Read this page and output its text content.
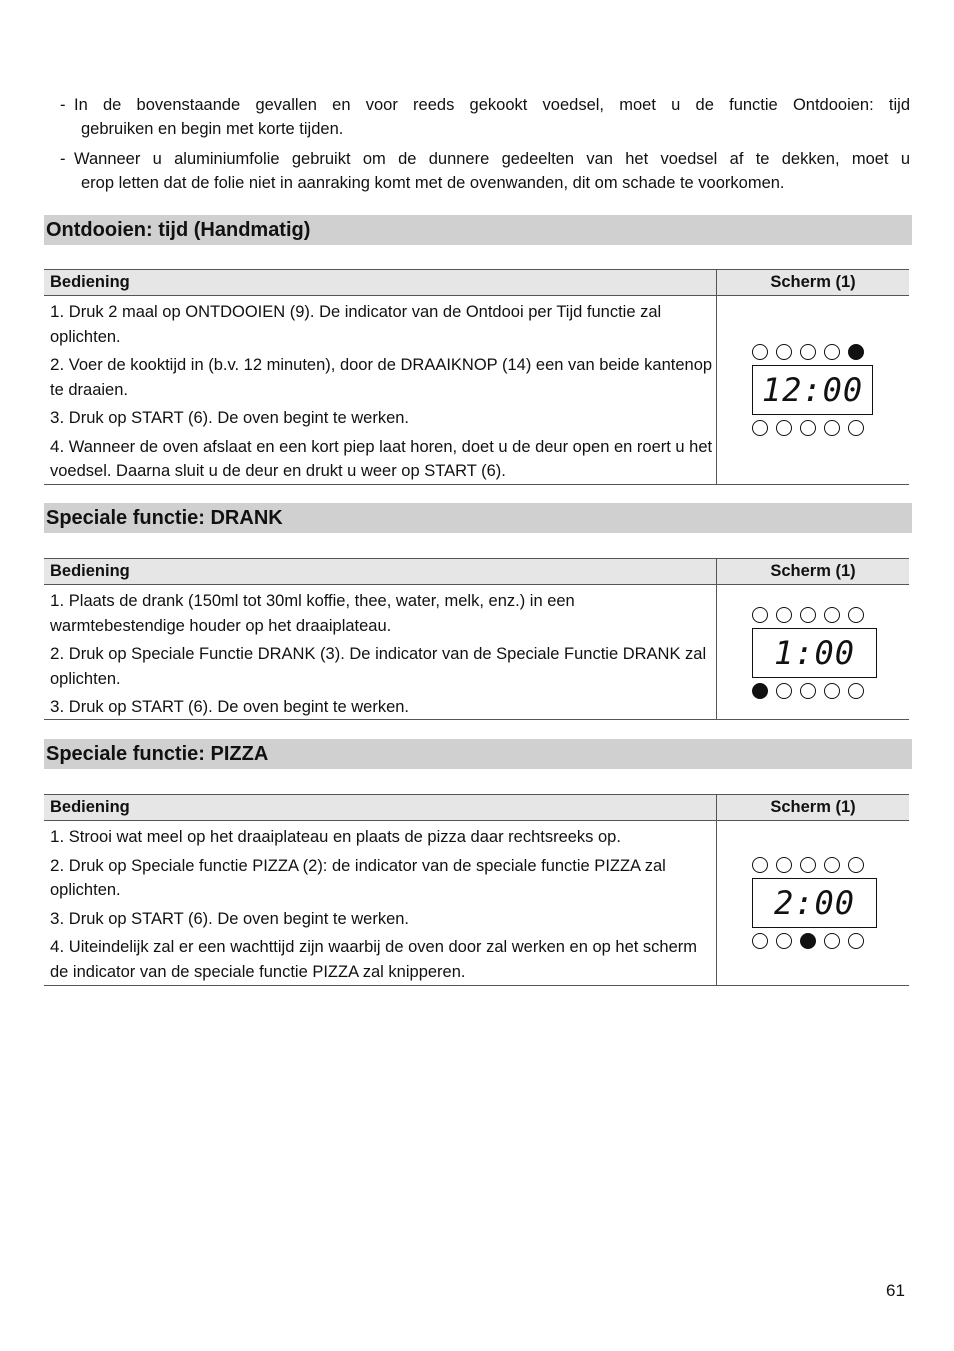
- In de bovenstaande gevallen en voor reeds gekookt voedsel, moet u de functie Ontdooien: tijd
gebruiken en begin met korte tijden.
- Wanneer u aluminiumfolie gebruikt om de dunnere gedeelten van het voedsel af te dekken, moet u
erop letten dat de folie niet in aanraking komt met de ovenwanden, dit om schade te voorkomen.
Ontdooien: tijd (Handmatig)
Bediening	Scherm (1)
1. Druk 2 maal op ONTDOOIEN (9). De indicator van de Ontdooi per Tijd functie zal oplichten.
2. Voer de kooktijd in (b.v. 12 minuten), door de DRAAIKNOP (14) een van beide kantenop te draaien.
3. Druk op START (6). De oven begint te werken.
4. Wanneer de oven afslaat en een kort piep laat horen, doet u de deur open en roert u het voedsel. Daarna sluit u de deur en drukt u weer op START (6).
12:00
Speciale functie: DRANK
Bediening	Scherm (1)
1. Plaats de drank (150ml tot 30ml koffie, thee, water, melk, enz.) in een warmtebestendige houder op het draaiplateau.
2. Druk op Speciale Functie DRANK (3). De indicator van de Speciale Functie DRANK zal oplichten.
3. Druk op START (6). De oven begint te werken.
1:00
Speciale functie: PIZZA
Bediening	Scherm (1)
1. Strooi wat meel op het draaiplateau en plaats de pizza daar rechtsreeks op.
2. Druk op Speciale functie PIZZA (2): de indicator van de speciale functie PIZZA zal oplichten.
3. Druk op START (6). De oven begint te werken.
4. Uiteindelijk zal er een wachttijd zijn waarbij de oven door zal werken en op het scherm de indicator van de speciale functie PIZZA zal knipperen.
2:00
61
